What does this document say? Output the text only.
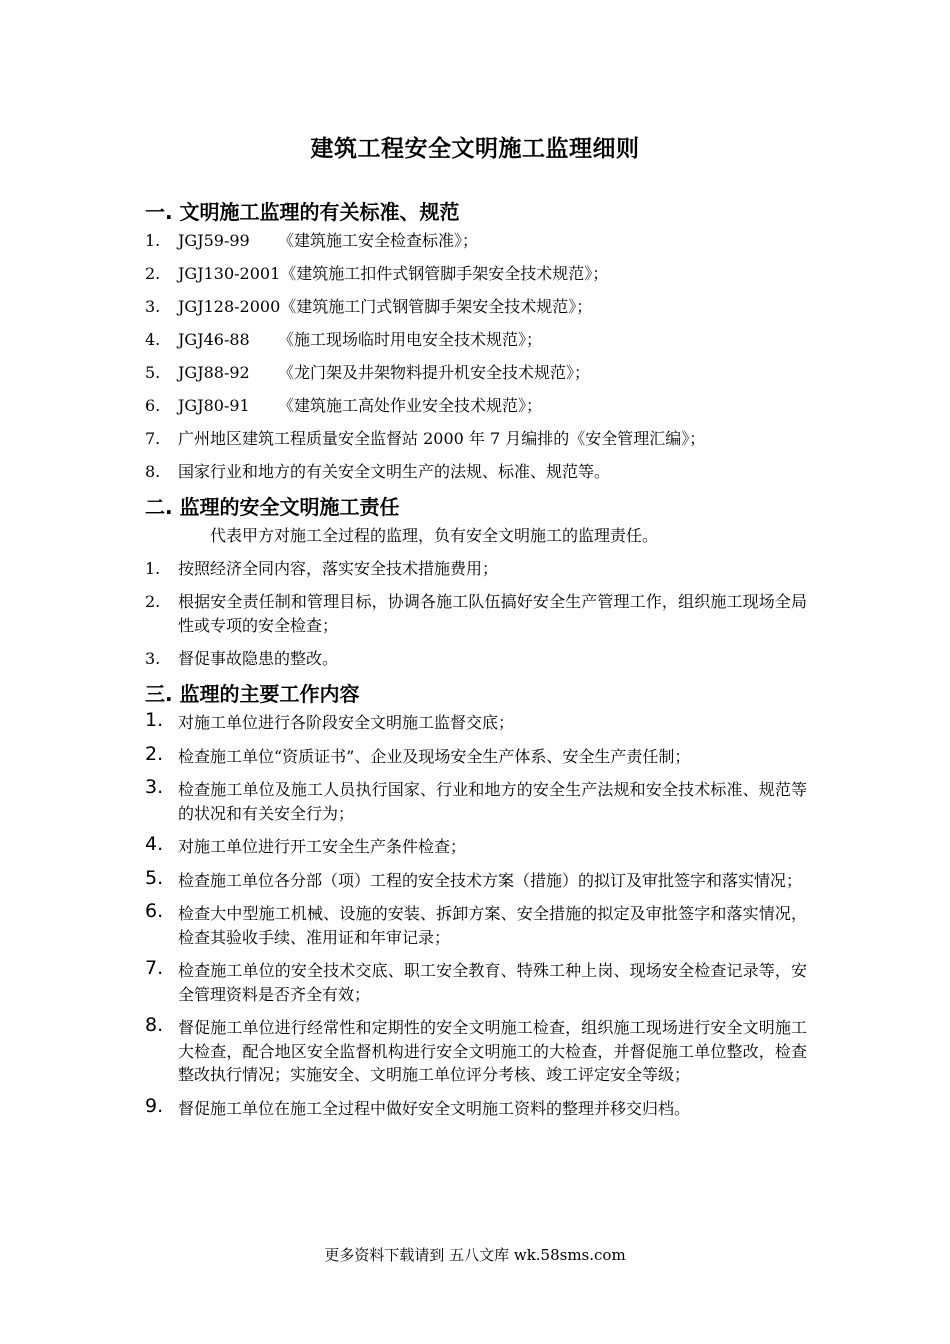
建筑工程安全文明施工监理细则
一. 文明施工监理的有关标准、规范
1.	JGJ59-99 《建筑施工安全检查标准》；
2.	JGJ130-2001《建筑施工扣件式钢管脚手架安全技术规范》；
3.	JGJ128-2000《建筑施工门式钢管脚手架安全技术规范》；
4.	JGJ46-88 《施工现场临时用电安全技术规范》；
5.	JGJ88-92 《龙门架及井架物料提升机安全技术规范》；
6.	JGJ80-91 《建筑施工高处作业安全技术规范》；
7.	广州地区建筑工程质量安全监督站 2000 年 7 月编排的《安全管理汇编》；
8.	国家行业和地方的有关安全文明生产的法规、标准、规范等。
二. 监理的安全文明施工责任
代表甲方对施工全过程的监理，负有安全文明施工的监理责任。
1.	按照经济全同内容，落实安全技术措施费用；
2.	根据安全责任制和管理目标，协调各施工队伍搞好安全生产管理工作，组织施工现场全局性或专项的安全检查；
3.	督促事故隐患的整改。
三. 监理的主要工作内容
1. 对施工单位进行各阶段安全文明施工监督交底；
2. 检查施工单位“资质证书”、企业及现场安全生产体系、安全生产责任制；
3. 检查施工单位及施工人员执行国家、行业和地方的安全生产法规和安全技术标准、规范等的状况和有关安全行为；
4. 对施工单位进行开工安全生产条件检查；
5. 检查施工单位各分部（项）工程的安全技术方案（措施）的拟订及审批签字和落实情况；
6. 检查大中型施工机械、设施的安装、拆卸方案、安全措施的拟定及审批签字和落实情况，检查其验收手续、准用证和年审记录；
7. 检查施工单位的安全技术交底、职工安全教育、特殊工种上岗、现场安全检查记录等，安全管理资料是否齐全有效；
8. 督促施工单位进行经常性和定期性的安全文明施工检查，组织施工现场进行安全文明施工大检查，配合地区安全监督机构进行安全文明施工的大检查，并督促施工单位整改，检查整改执行情况；实施安全、文明施工单位评分考核、竣工评定安全等级；
9. 督促施工单位在施工全过程中做好安全文明施工资料的整理并移交归档。
更多资料下载请到 五八文库 wk.58sms.com
